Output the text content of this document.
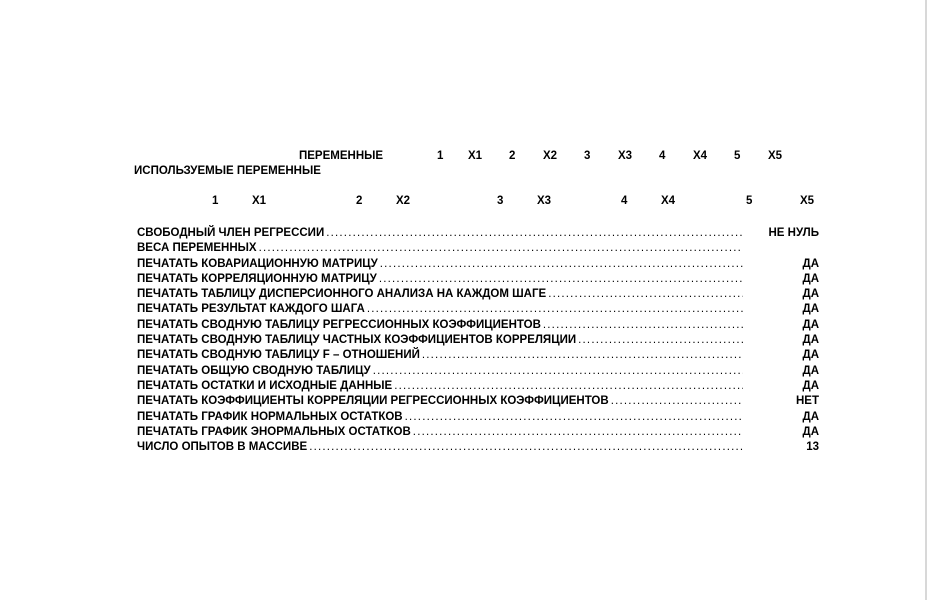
ПЕРЕМЕННЫЕ	1 X1 2 X2 3 X3 4 X4 5 X5
ИСПОЛЬЗУЕМЫЕ ПЕРЕМЕННЫЕ
1	X1	2	X2	3	X3	4	X4	5	X5
СВОБОДНЫЙ ЧЛЕН РЕГРЕССИИ .....	НЕ НУЛЬ
ВЕСА ПЕРЕМЕННЫХ
.....
ПЕЧАТАТЬ КОВАРИАЦИОННУЮ МАТРИЦУ .....	ДА
ПЕЧАТАТЬ КОРРЕЛЯЦИОННУЮ МАТРИЦУ .....	ДА
ПЕЧАТАТЬ ТАБЛИЦУ ДИСПЕРСИОННОГО АНАЛИЗА НА КАЖДОМ ШАГЕ .....	ДА
ПЕЧАТАТЬ РЕЗУЛЬТАТ КАЖДОГО ШАГА .....	ДА
ПЕЧАТАТЬ СВОДНУЮ ТАБЛИЦУ РЕГРЕССИОННЫХ КОЭФФИЦИЕНТОВ .....	ДА
ПЕЧАТАТЬ СВОДНУЮ ТАБЛИЦУ ЧАСТНЫХ КОЭФФИЦИЕНТОВ КОРРЕЛЯЦИИ .....	ДА
ПЕЧАТАТЬ СВОДНУЮ ТАБЛИЦУ F – ОТНОШЕНИЙ .....	ДА
ПЕЧАТАТЬ ОБЩУЮ СВОДНУЮ ТАБЛИЦУ .....	ДА
ПЕЧАТАТЬ ОСТАТКИ И ИСХОДНЫЕ ДАННЫЕ .....	ДА
ПЕЧАТАТЬ КОЭФФИЦИЕНТЫ КОРРЕЛЯЦИИ РЕГРЕССИОННЫХ КОЭФФИЦИЕНТОВ .....	НЕТ
ПЕЧАТАТЬ ГРАФИК НОРМАЛЬНЫХ ОСТАТКОВ .....	ДА
ПЕЧАТАТЬ ГРАФИК ЭНОРМАЛЬНЫХ ОСТАТКОВ .....	ДА
ЧИСЛО ОПЫТОВ В МАССИВЕ .....	13
